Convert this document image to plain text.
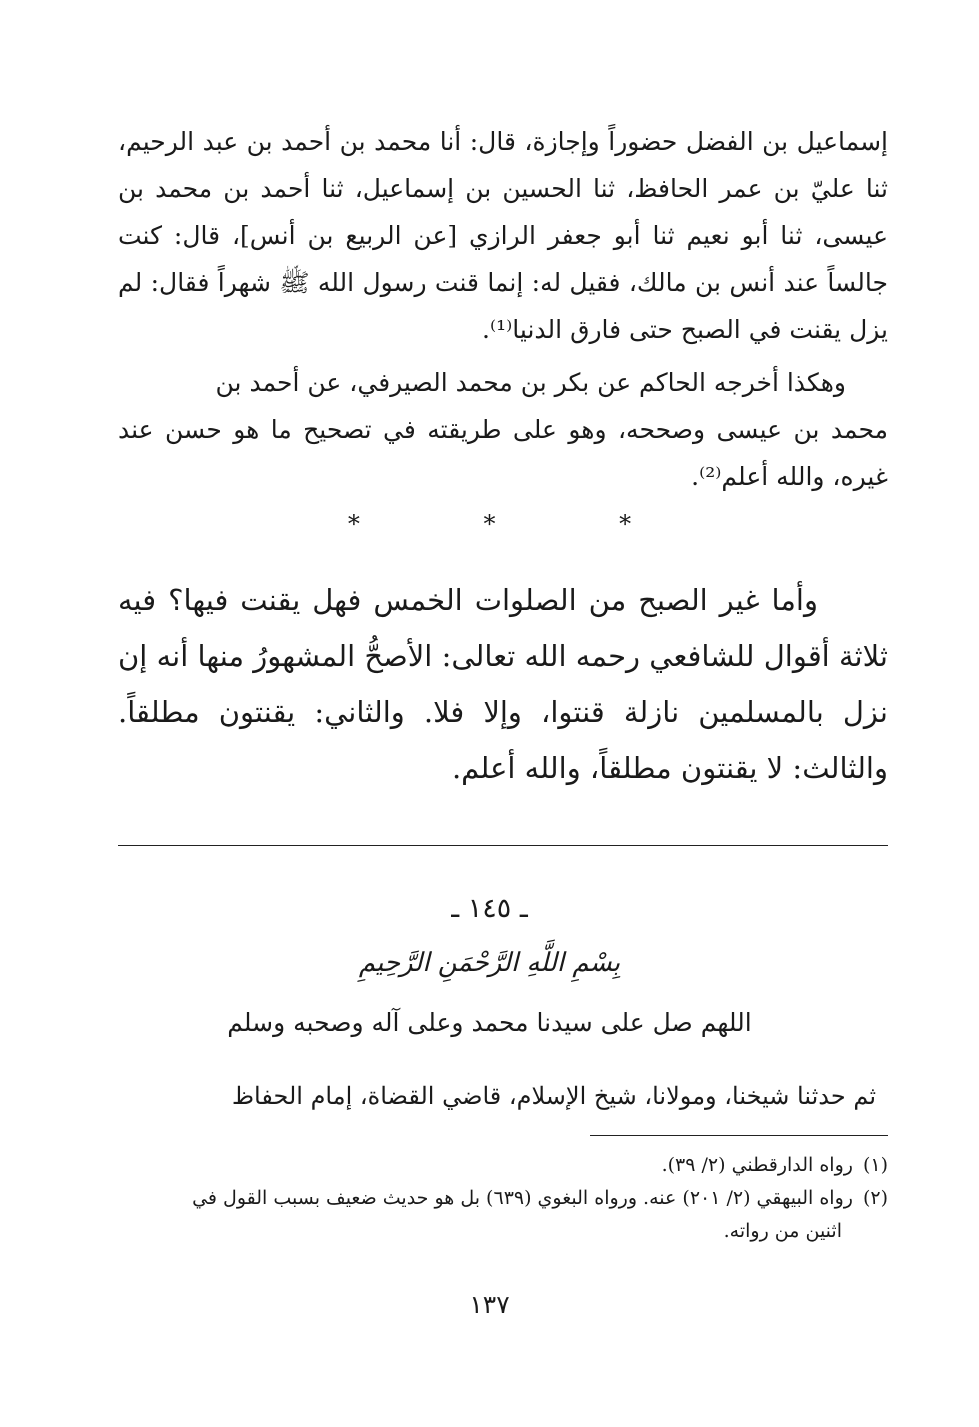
إسماعيل بن الفضل حضوراً وإجازة، قال: أنا محمد بن أحمد بن عبد الرحيم، ثنا عليّ بن عمر الحافظ، ثنا الحسين بن إسماعيل، ثنا أحمد بن محمد بن عيسى، ثنا أبو نعيم ثنا أبو جعفر الرازي [عن الربيع بن أنس]، قال: كنت جالساً عند أنس بن مالك، فقيل له: إنما قنت رسول الله ﷺ شهراً فقال: لم يزل يقنت في الصبح حتى فارق الدنيا⁽¹⁾.

وهكذا أخرجه الحاكم عن بكر بن محمد الصيرفي، عن أحمد بن

محمد بن عيسى وصححه، وهو على طريقته في تصحيح ما هو حسن عند غيره، والله أعلم⁽²⁾.

* * *

وأما غير الصبح من الصلوات الخمس فهل يقنت فيها؟ فيه ثلاثة أقوال للشافعي رحمه الله تعالى: الأصحُّ المشهورُ منها أنه إن نزل بالمسلمين نازلة قنتوا، وإلا فلا. والثاني: يقنتون مطلقاً. والثالث: لا يقنتون مطلقاً، والله أعلم.

ـ ١٤٥ ـ
بِسْمِ اللَّهِ الرَّحْمَنِ الرَّحِيمِ
اللهم صل على سيدنا محمد وعلى آله وصحبه وسلم

ثم حدثنا شيخنا، ومولانا، شيخ الإسلام، قاضي القضاة، إمام الحفاظ

(١)رواه الدارقطني (٢/ ٣٩).

(٢)رواه البيهقي (٢/ ٢٠١) عنه. ورواه البغوي (٦٣٩) بل هو حديث ضعيف بسبب القول في
اثنين من رواته.

١٣٧
